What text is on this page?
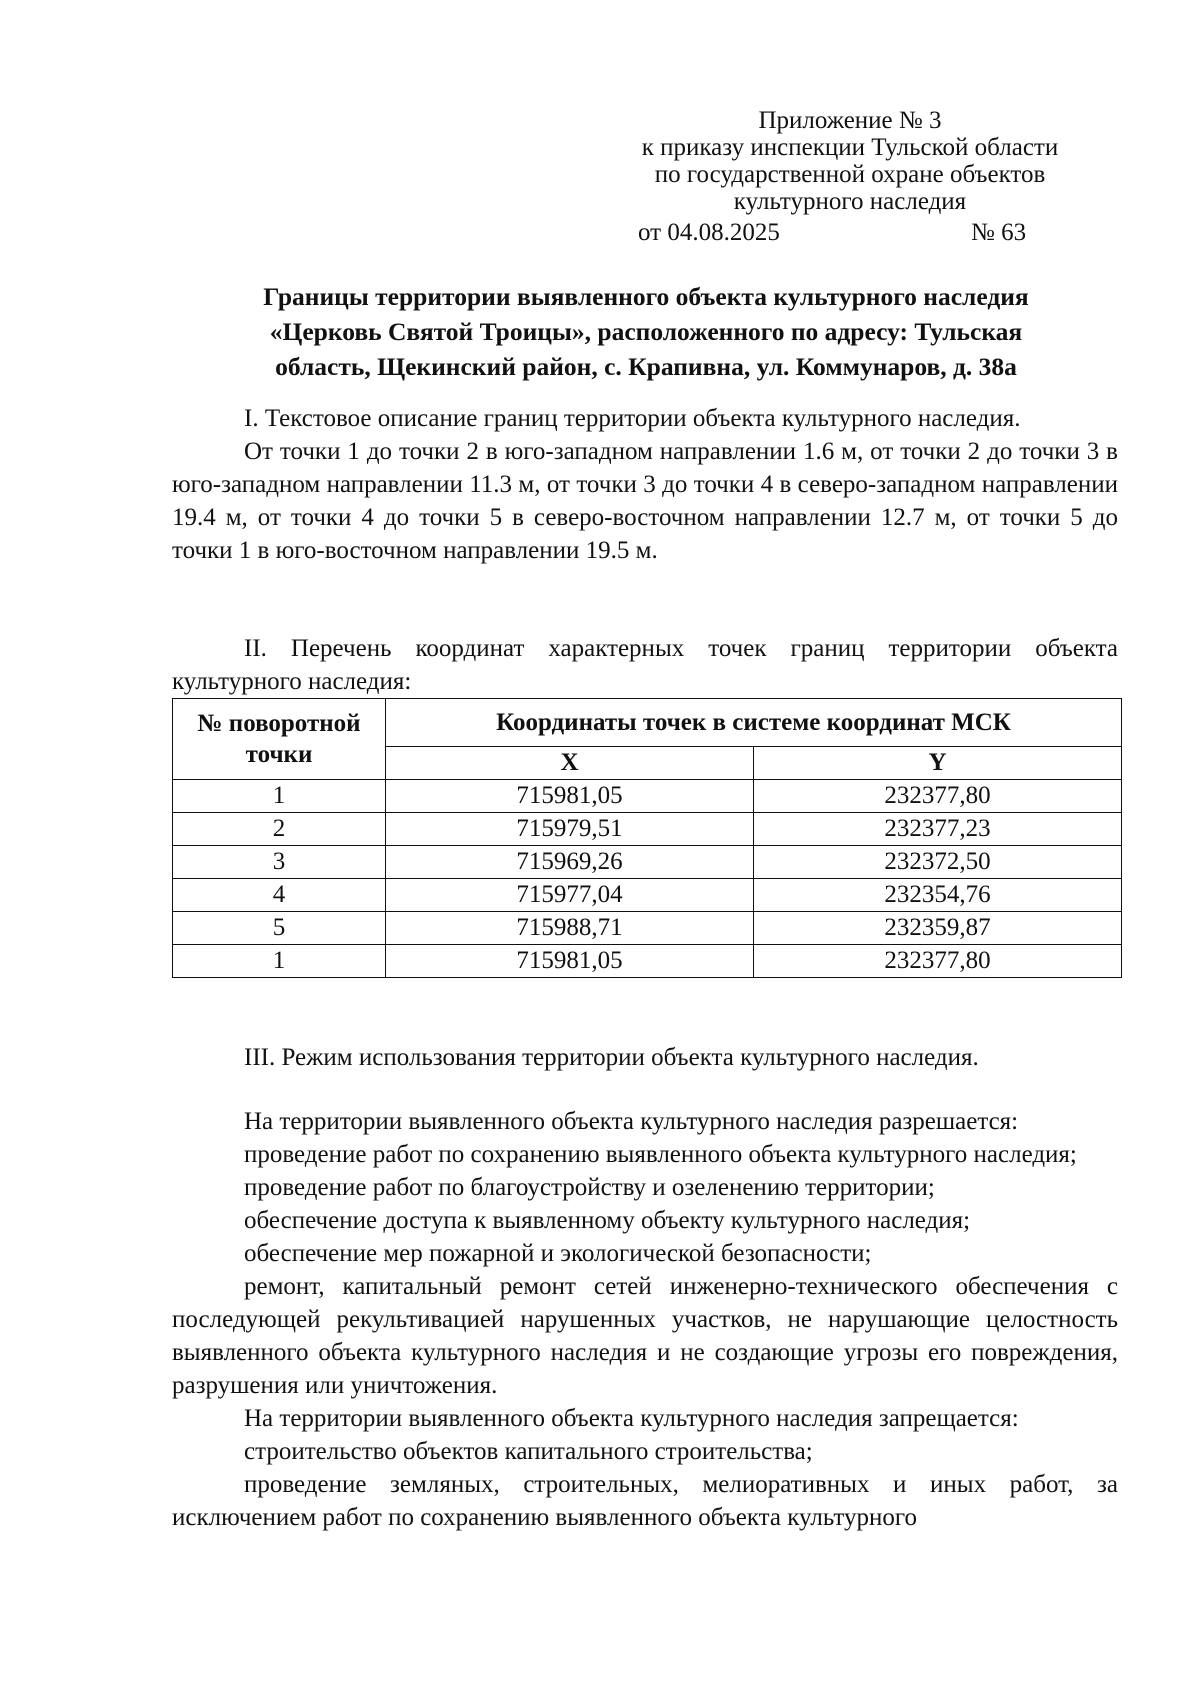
Приложение № 3
к приказу инспекции Тульской области
по государственной охране объектов
культурного наследия
от 04.08.2025	№ 63
Границы территории выявленного объекта культурного наследия
«Церковь Святой Троицы», расположенного по адресу: Тульская
область, Щекинский район, с. Крапивна, ул. Коммунаров, д. 38а

I. Текстовое описание границ территории объекта культурного наследия.

От точки 1 до точки 2 в юго-западном направлении 1.6 м, от точки 2 до точки 3 в юго-западном направлении 11.3 м, от точки 3 до точки 4 в северо-западном направлении 19.4 м, от точки 4 до точки 5 в северо-восточном направлении 12.7 м, от точки 5 до точки 1 в юго-восточном направлении 19.5 м.

II. Перечень координат характерных точек границ территории объекта культурного наследия:

№ поворотной точки	Координаты точек в системе координат МСК	
	X	Y
1	715981,05	232377,80
2	715979,51	232377,23
3	715969,26	232372,50
4	715977,04	232354,76
5	715988,71	232359,87
1	715981,05	232377,80

III. Режим использования территории объекта культурного наследия.

На территории выявленного объекта культурного наследия разрешается:

проведение работ по сохранению выявленного объекта культурного наследия;

проведение работ по благоустройству и озеленению территории;

обеспечение доступа к выявленному объекту культурного наследия;

обеспечение мер пожарной и экологической безопасности;

ремонт, капитальный ремонт сетей инженерно-технического обеспечения с последующей рекультивацией нарушенных участков, не нарушающие целостность выявленного объекта культурного наследия и не создающие угрозы его повреждения, разрушения или уничтожения.

На территории выявленного объекта культурного наследия запрещается:

строительство объектов капитального строительства;

проведение земляных, строительных, мелиоративных и иных работ, за исключением работ по сохранению выявленного объекта культурного
